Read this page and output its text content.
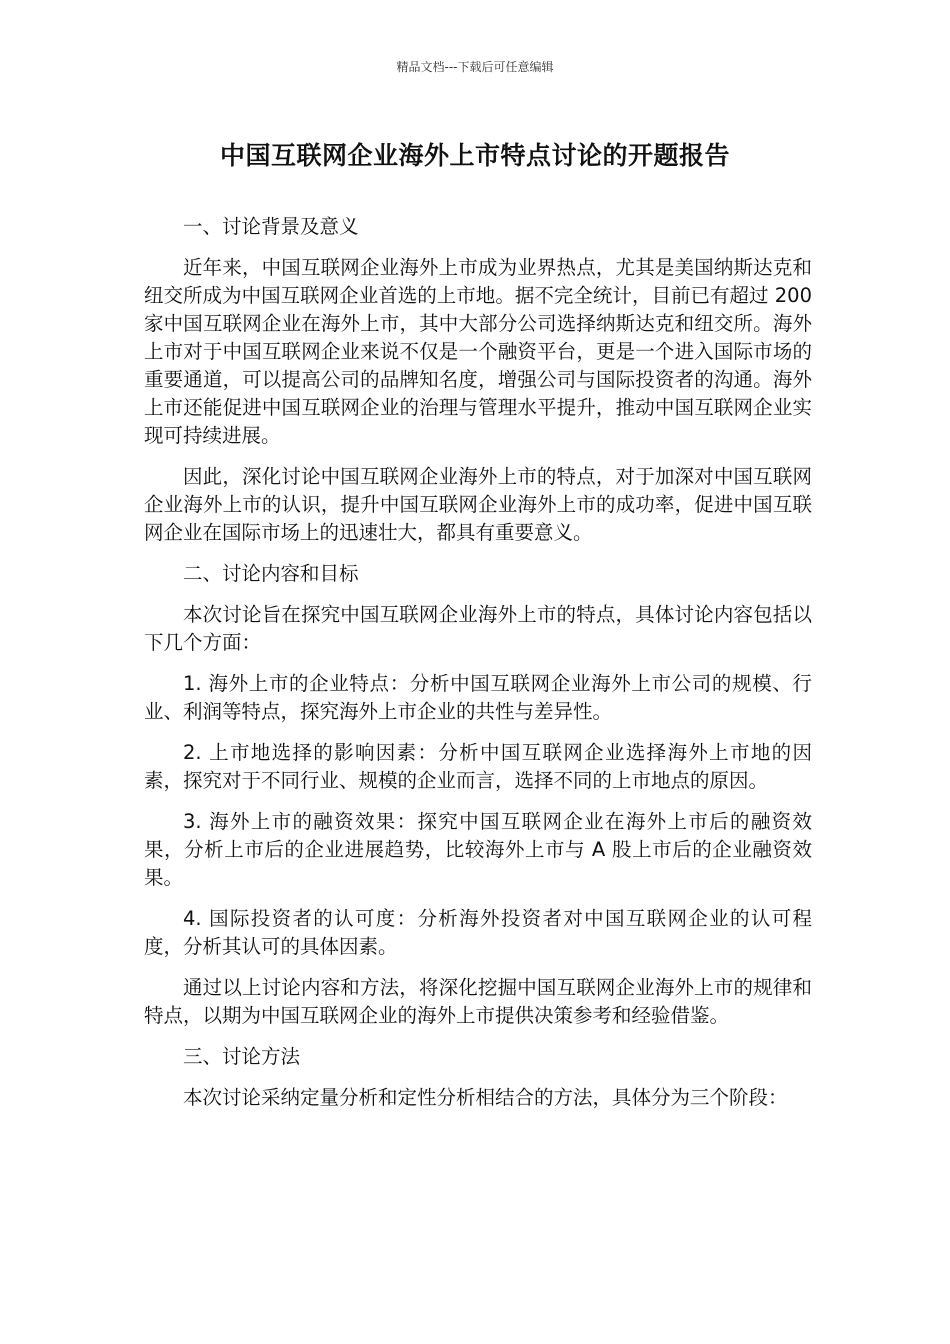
精品文档---下载后可任意编辑
中国互联网企业海外上市特点讨论的开题报告

一、讨论背景及意义

近年来，中国互联网企业海外上市成为业界热点，尤其是美国纳斯达克和纽交所成为中国互联网企业首选的上市地。据不完全统计，目前已有超过 200 家中国互联网企业在海外上市，其中大部分公司选择纳斯达克和纽交所。海外上市对于中国互联网企业来说不仅是一个融资平台，更是一个进入国际市场的重要通道，可以提高公司的品牌知名度，增强公司与国际投资者的沟通。海外上市还能促进中国互联网企业的治理与管理水平提升，推动中国互联网企业实现可持续进展。

因此，深化讨论中国互联网企业海外上市的特点，对于加深对中国互联网企业海外上市的认识，提升中国互联网企业海外上市的成功率，促进中国互联网企业在国际市场上的迅速壮大，都具有重要意义。

二、讨论内容和目标

本次讨论旨在探究中国互联网企业海外上市的特点，具体讨论内容包括以下几个方面：

1. 海外上市的企业特点：分析中国互联网企业海外上市公司的规模、行业、利润等特点，探究海外上市企业的共性与差异性。

2. 上市地选择的影响因素：分析中国互联网企业选择海外上市地的因素，探究对于不同行业、规模的企业而言，选择不同的上市地点的原因。

3. 海外上市的融资效果：探究中国互联网企业在海外上市后的融资效果，分析上市后的企业进展趋势，比较海外上市与 A 股上市后的企业融资效果。

4. 国际投资者的认可度：分析海外投资者对中国互联网企业的认可程度，分析其认可的具体因素。

通过以上讨论内容和方法，将深化挖掘中国互联网企业海外上市的规律和特点，以期为中国互联网企业的海外上市提供决策参考和经验借鉴。

三、讨论方法

本次讨论采纳定量分析和定性分析相结合的方法，具体分为三个阶段：
